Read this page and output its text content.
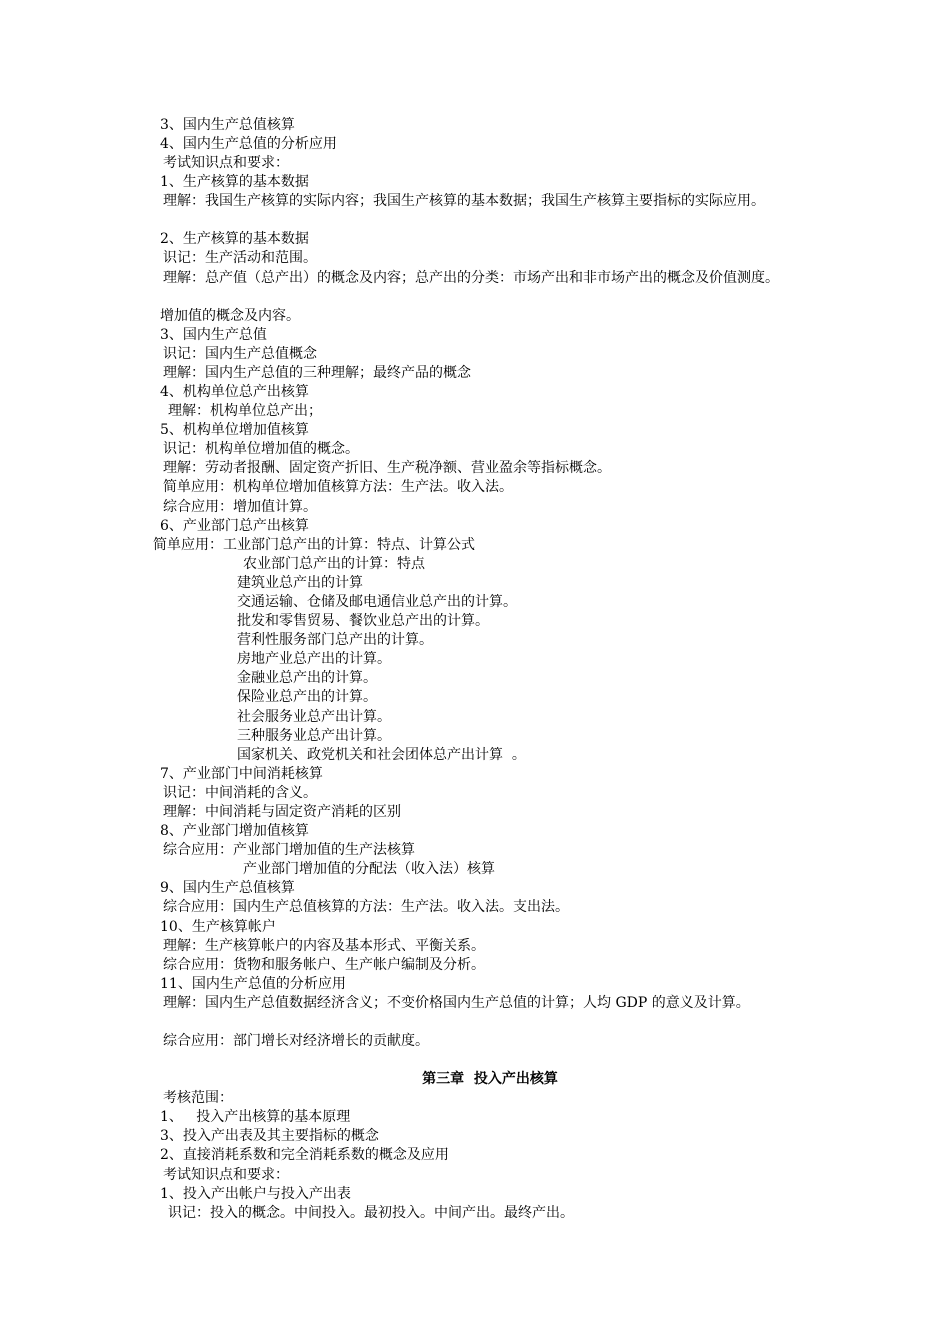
3、国内生产总值核算
4、国内生产总值的分析应用
考试知识点和要求：
1、生产核算的基本数据
理解：我国生产核算的实际内容；我国生产核算的基本数据；我国生产核算主要指标的实际应用。
2、生产核算的基本数据
识记：生产活动和范围。
理解：总产值（总产出）的概念及内容；总产出的分类：市场产出和非市场产出的概念及价值测度。
增加值的概念及内容。
3、国内生产总值
识记：国内生产总值概念
理解：国内生产总值的三种理解；最终产品的概念
4、机构单位总产出核算
理解：机构单位总产出；
5、机构单位增加值核算
识记：机构单位增加值的概念。
理解：劳动者报酬、固定资产折旧、生产税净额、营业盈余等指标概念。
简单应用：机构单位增加值核算方法：生产法。收入法。
综合应用：增加值计算。
6、产业部门总产出核算
简单应用：工业部门总产出的计算：特点、计算公式
农业部门总产出的计算：特点
建筑业总产出的计算
交通运输、仓储及邮电通信业总产出的计算。
批发和零售贸易、餐饮业总产出的计算。
营利性服务部门总产出的计算。
房地产业总产出的计算。
金融业总产出的计算。
保险业总产出的计算。
社会服务业总产出计算。
三种服务业总产出计算。
国家机关、政党机关和社会团体总产出计算  。
7、产业部门中间消耗核算
识记：中间消耗的含义。
理解：中间消耗与固定资产消耗的区别
8、产业部门增加值核算
综合应用：产业部门增加值的生产法核算
产业部门增加值的分配法（收入法）核算
9、国内生产总值核算
综合应用：国内生产总值核算的方法：生产法。收入法。支出法。
10、生产核算帐户
理解：生产核算帐户的内容及基本形式、平衡关系。
综合应用：货物和服务帐户、生产帐户编制及分析。
11、国内生产总值的分析应用
理解：国内生产总值数据经济含义；不变价格国内生产总值的计算；人均 GDP 的意义及计算。
综合应用：部门增长对经济增长的贡献度。
第三章  投入产出核算
考核范围：
1、   投入产出核算的基本原理
3、投入产出表及其主要指标的概念
2、直接消耗系数和完全消耗系数的概念及应用
考试知识点和要求：
1、投入产出帐户与投入产出表
识记：投入的概念。中间投入。最初投入。中间产出。最终产出。
